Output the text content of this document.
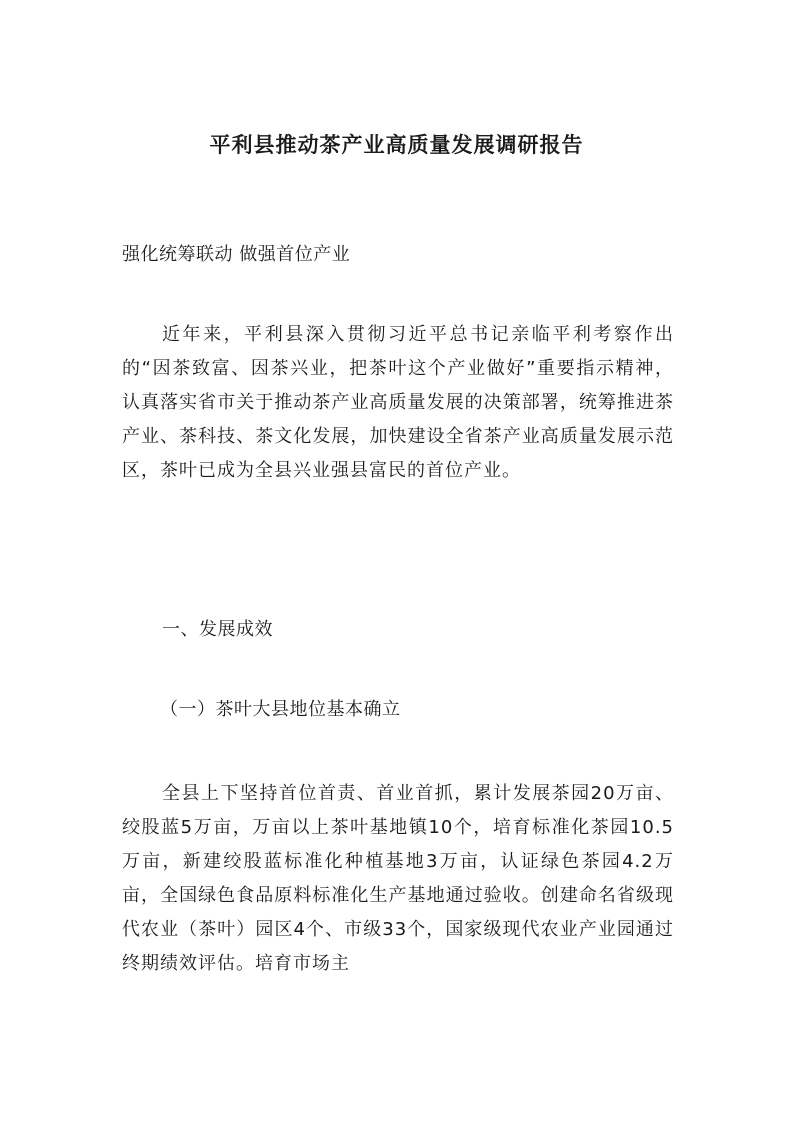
平利县推动茶产业高质量发展调研报告
强化统筹联动 做强首位产业

近年来，平利县深入贯彻习近平总书记亲临平利考察作出的“因茶致富、因茶兴业，把茶叶这个产业做好”重要指示精神，认真落实省市关于推动茶产业高质量发展的决策部署，统筹推进茶产业、茶科技、茶文化发展，加快建设全省茶产业高质量发展示范区，茶叶已成为全县兴业强县富民的首位产业。

一、发展成效
（一）茶叶大县地位基本确立

全县上下坚持首位首责、首业首抓，累计发展茶园20万亩、绞股蓝5万亩，万亩以上茶叶基地镇10个，培育标准化茶园10.5万亩，新建绞股蓝标准化种植基地3万亩，认证绿色茶园4.2万亩，全国绿色食品原料标准化生产基地通过验收。创建命名省级现代农业（茶叶）园区4个、市级33个，国家级现代农业产业园通过终期绩效评估。培育市场主
